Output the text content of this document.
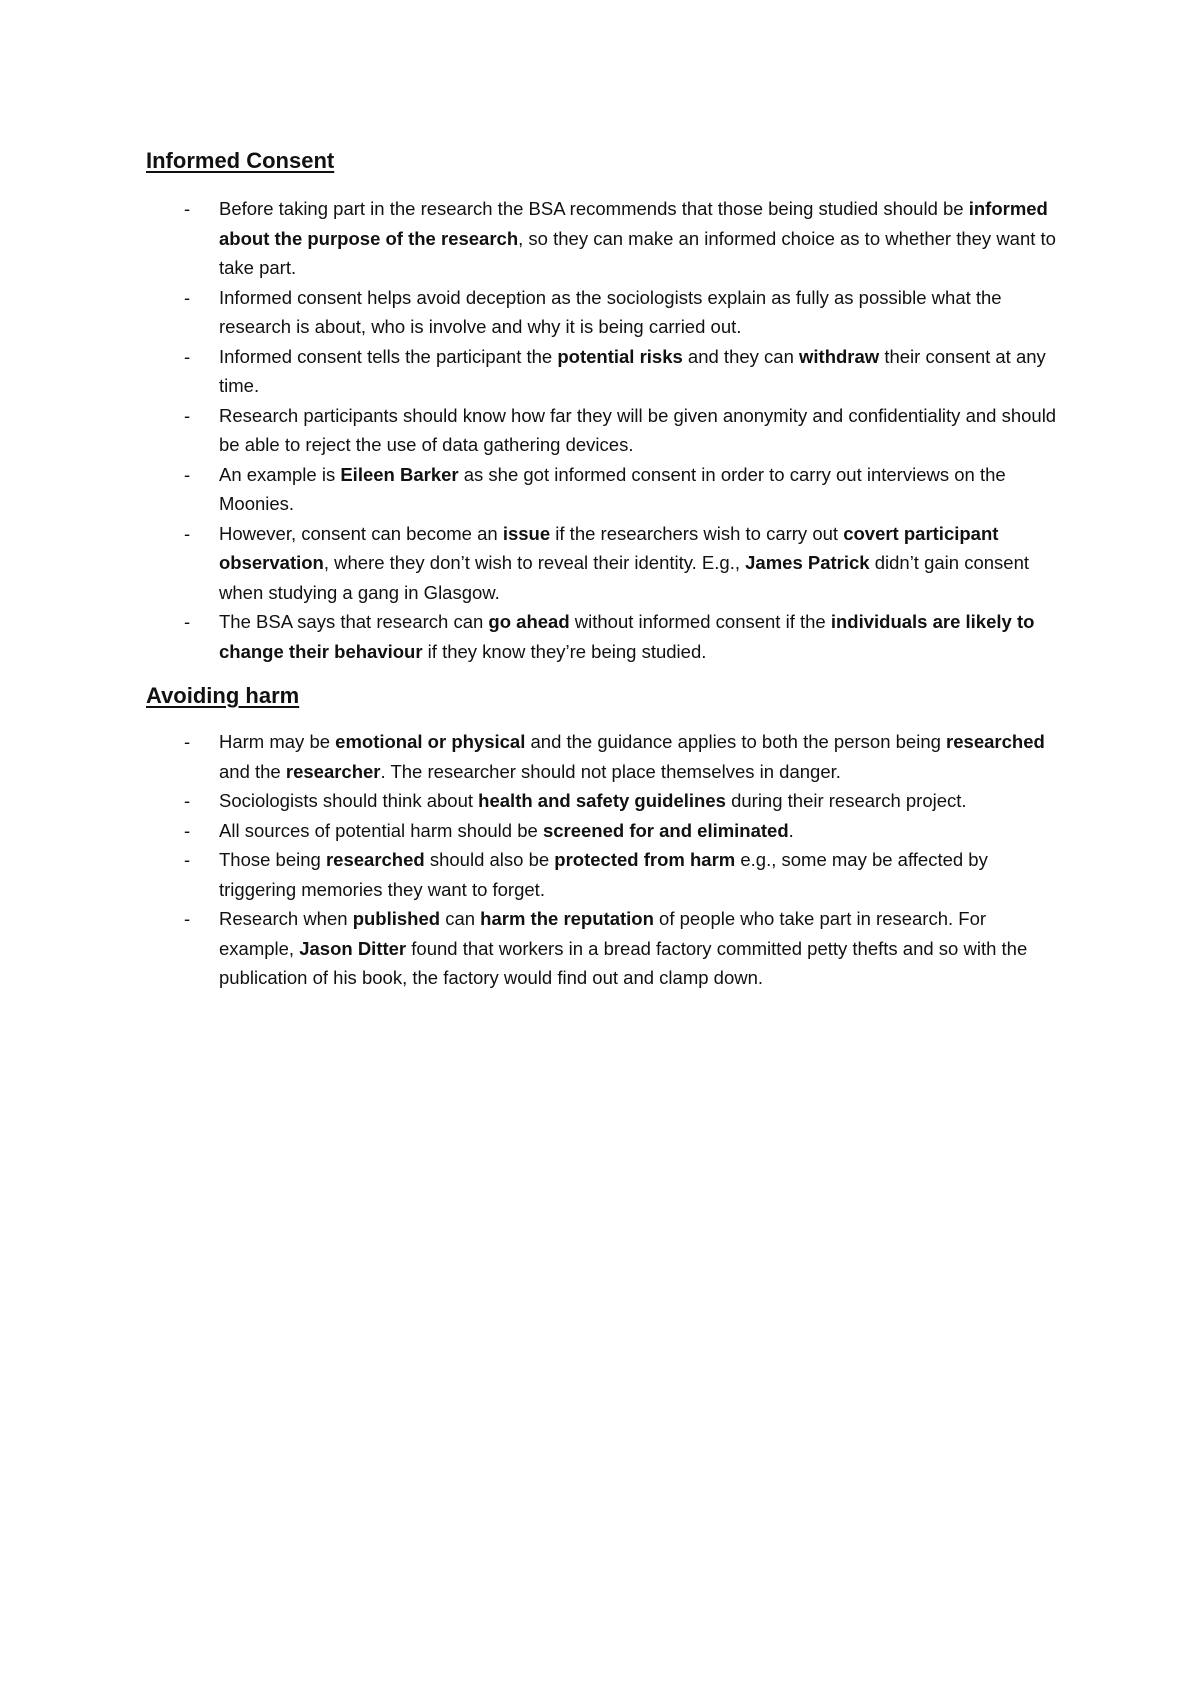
Informed Consent
- Before taking part in the research the BSA recommends that those being studied should be informed about the purpose of the research, so they can make an informed choice as to whether they want to take part.
- Informed consent helps avoid deception as the sociologists explain as fully as possible what the research is about, who is involve and why it is being carried out.
- Informed consent tells the participant the potential risks and they can withdraw their consent at any time.
- Research participants should know how far they will be given anonymity and confidentiality and should be able to reject the use of data gathering devices.
- An example is Eileen Barker as she got informed consent in order to carry out interviews on the Moonies.
- However, consent can become an issue if the researchers wish to carry out covert participant observation, where they don’t wish to reveal their identity. E.g., James Patrick didn’t gain consent when studying a gang in Glasgow.
- The BSA says that research can go ahead without informed consent if the individuals are likely to change their behaviour if they know they’re being studied.
Avoiding harm
- Harm may be emotional or physical and the guidance applies to both the person being researched and the researcher. The researcher should not place themselves in danger.
- Sociologists should think about health and safety guidelines during their research project.
- All sources of potential harm should be screened for and eliminated.
- Those being researched should also be protected from harm e.g., some may be affected by triggering memories they want to forget.
- Research when published can harm the reputation of people who take part in research. For example, Jason Ditter found that workers in a bread factory committed petty thefts and so with the publication of his book, the factory would find out and clamp down.
